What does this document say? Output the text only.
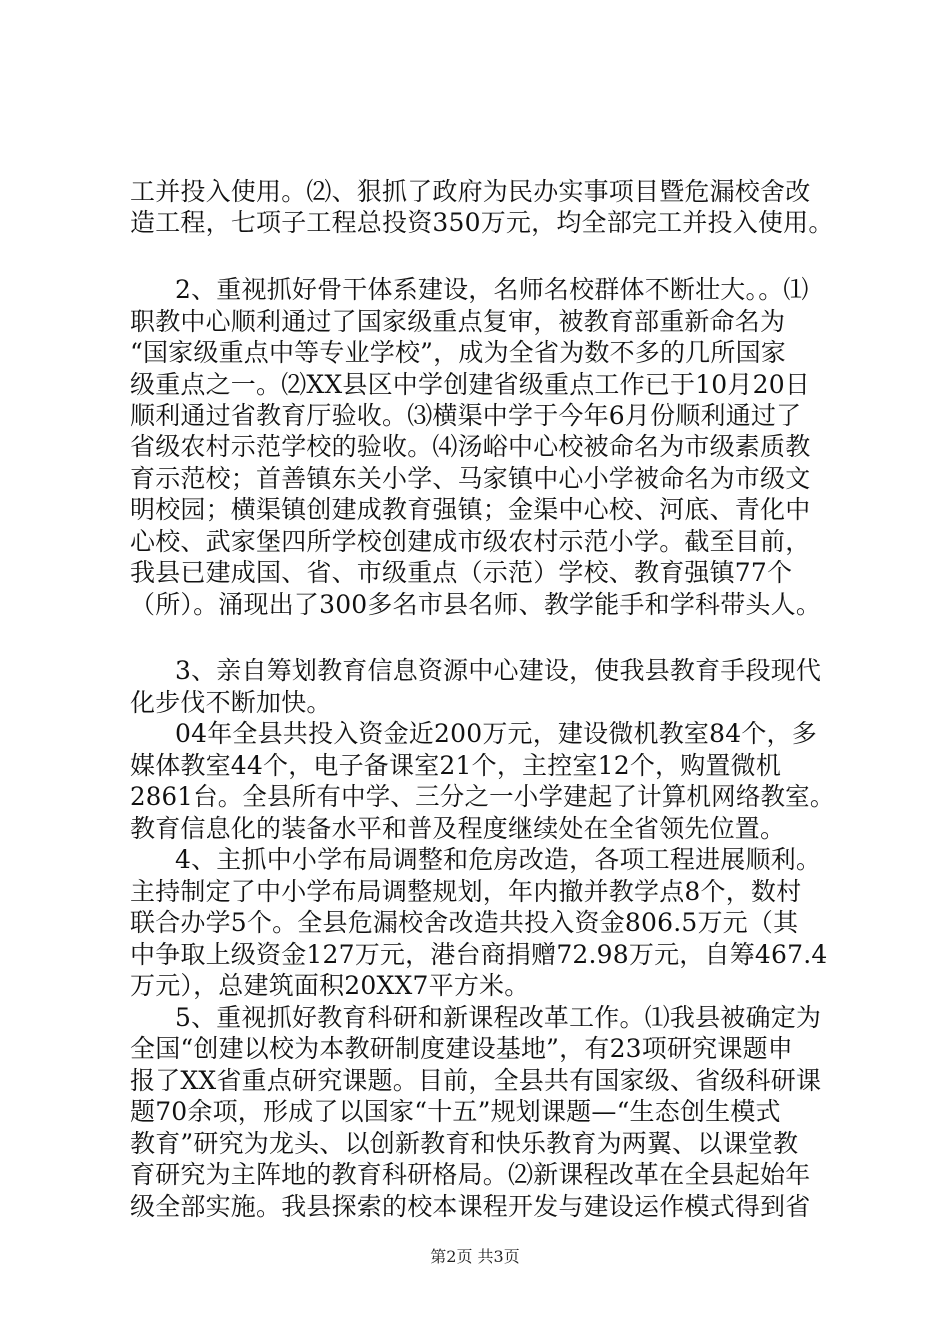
工并投入使用。⑵、狠抓了政府为民办实事项目暨危漏校舍改
造工程，七项子工程总投资350万元，均全部完工并投入使用。
2、重视抓好骨干体系建设，名师名校群体不断壮大。。⑴
职教中心顺利通过了国家级重点复审，被教育部重新命名为
“国家级重点中等专业学校”，成为全省为数不多的几所国家
级重点之一。⑵XX县区中学创建省级重点工作已于10月20日
顺利通过省教育厅验收。⑶横渠中学于今年6月份顺利通过了
省级农村示范学校的验收。⑷汤峪中心校被命名为市级素质教
育示范校；首善镇东关小学、马家镇中心小学被命名为市级文
明校园；横渠镇创建成教育强镇；金渠中心校、河底、青化中
心校、武家堡四所学校创建成市级农村示范小学。截至目前，
我县已建成国、省、市级重点（示范）学校、教育强镇77个
（所）。涌现出了300多名市县名师、教学能手和学科带头人。
3、亲自筹划教育信息资源中心建设，使我县教育手段现代
化步伐不断加快。
04年全县共投入资金近200万元，建设微机教室84个，多
媒体教室44个，电子备课室21个，主控室12个，购置微机
2861台。全县所有中学、三分之一小学建起了计算机网络教室。
教育信息化的装备水平和普及程度继续处在全省领先位置。
4、主抓中小学布局调整和危房改造，各项工程进展顺利。
主持制定了中小学布局调整规划，年内撤并教学点8个，数村
联合办学5个。全县危漏校舍改造共投入资金806.5万元（其
中争取上级资金127万元，港台商捐赠72.98万元，自筹467.4
万元），总建筑面积20XX7平方米。
5、重视抓好教育科研和新课程改革工作。⑴我县被确定为
全国“创建以校为本教研制度建设基地”，有23项研究课题申
报了XX省重点研究课题。目前，全县共有国家级、省级科研课
题70余项，形成了以国家“十五”规划课题—“生态创生模式
教育”研究为龙头、以创新教育和快乐教育为两翼、以课堂教
育研究为主阵地的教育科研格局。⑵新课程改革在全县起始年
级全部实施。我县探索的校本课程开发与建设运作模式得到省
第2页 共3页
